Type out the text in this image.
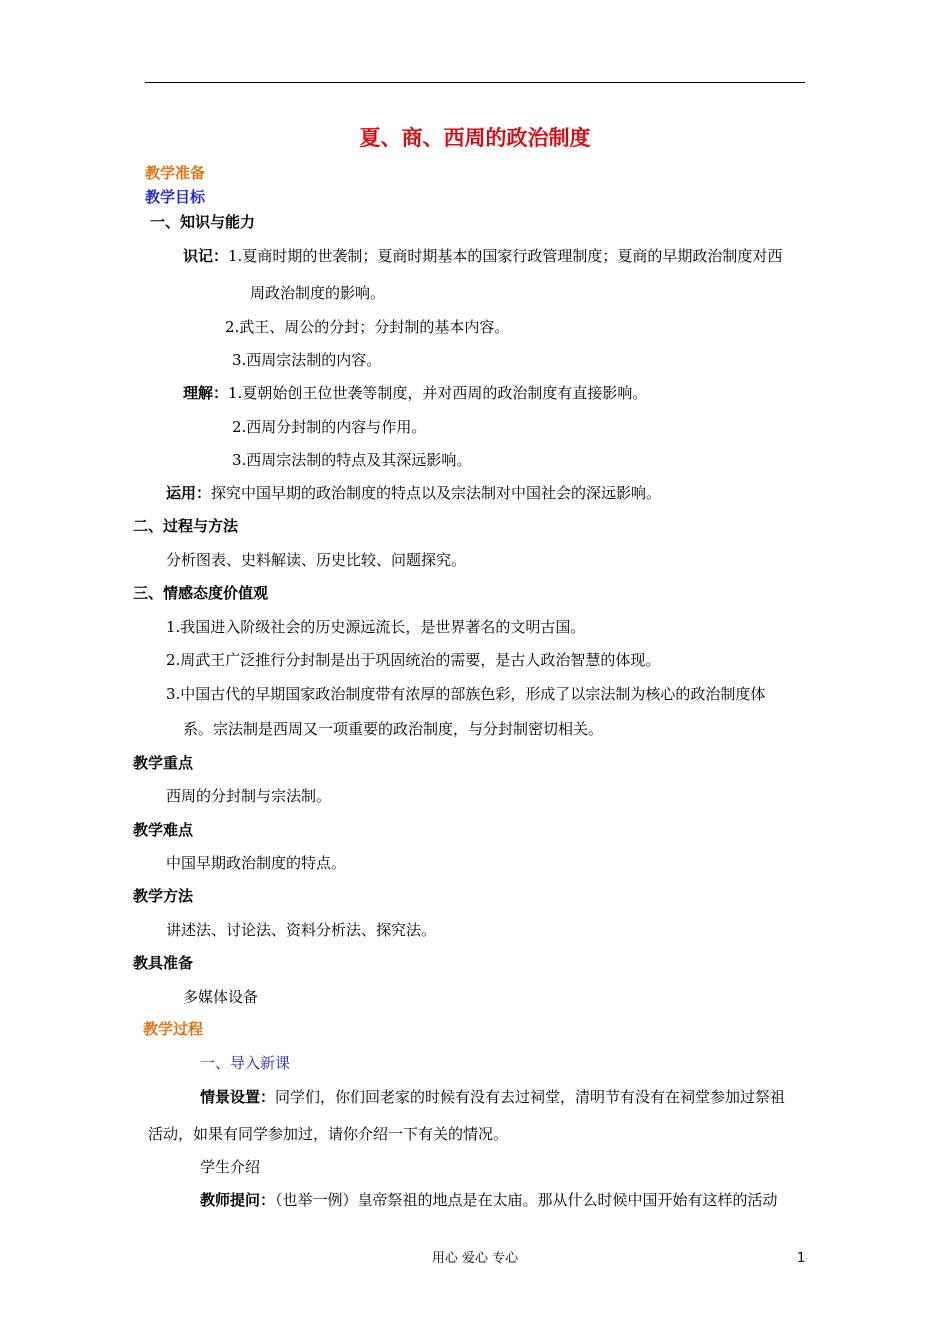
夏、商、西周的政治制度
教学准备
教学目标
一、知识与能力
识记：1.夏商时期的世袭制；夏商时期基本的国家行政管理制度；夏商的早期政治制度对西
周政治制度的影响。
2.武王、周公的分封；分封制的基本内容。
3.西周宗法制的内容。
理解：1.夏朝始创王位世袭等制度，并对西周的政治制度有直接影响。
2.西周分封制的内容与作用。
3.西周宗法制的特点及其深远影响。
运用：探究中国早期的政治制度的特点以及宗法制对中国社会的深远影响。
二、过程与方法
分析图表、史料解读、历史比较、问题探究。
三、情感态度价值观
1.我国进入阶级社会的历史源远流长，是世界著名的文明古国。
2.周武王广泛推行分封制是出于巩固统治的需要，是古人政治智慧的体现。
3.中国古代的早期国家政治制度带有浓厚的部族色彩，形成了以宗法制为核心的政治制度体
系。宗法制是西周又一项重要的政治制度，与分封制密切相关。
教学重点
西周的分封制与宗法制。
教学难点
中国早期政治制度的特点。
教学方法
讲述法、讨论法、资料分析法、探究法。
教具准备
多媒体设备
教学过程
一、导入新课
情景设置：同学们，你们回老家的时候有没有去过祠堂，清明节有没有在祠堂参加过祭祖
活动，如果有同学参加过，请你介绍一下有关的情况。
学生介绍
教师提问：（也举一例）皇帝祭祖的地点是在太庙。那从什么时候中国开始有这样的活动
用心 爱心 专心	1
